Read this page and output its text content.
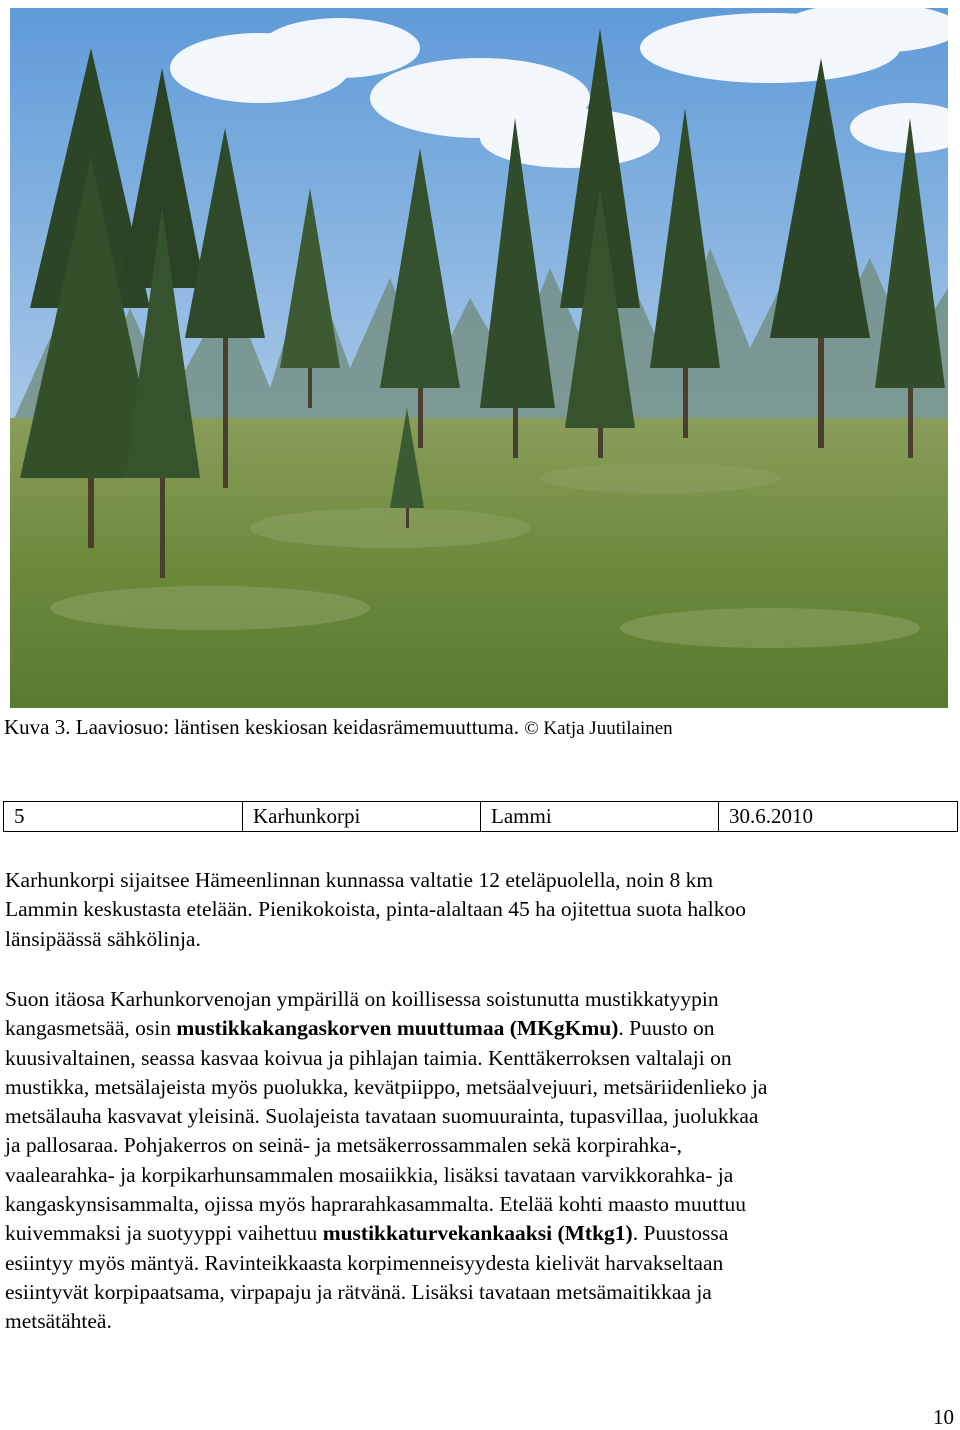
Kuva 3. Laaviosuo: läntisen keskiosan keidasrämemuuttuma. © Katja Juutilainen
5	Karhunkorpi	Lammi	30.6.2010

Karhunkorpi sijaitsee Hämeenlinnan kunnassa valtatie 12 eteläpuolella, noin 8 km
Lammin keskustasta etelään. Pienikokoista, pinta-alaltaan 45 ha ojitettua suota halkoo
länsipäässä sähkölinja.

Suon itäosa Karhunkorvenojan ympärillä on koillisessa soistunutta mustikkatyypin
kangasmetsää, osin mustikkakangaskorven muuttumaa (MKgKmu). Puusto on
kuusivaltainen, seassa kasvaa koivua ja pihlajan taimia. Kenttäkerroksen valtalaji on
mustikka, metsälajeista myös puolukka, kevätpiippo, metsäalvejuuri, metsäriidenlieko ja
metsälauha kasvavat yleisinä. Suolajeista tavataan suomuurainta, tupasvillaa, juolukkaa
ja pallosaraa. Pohjakerros on seinä- ja metsäkerrossammalen sekä korpirahka-,
vaalearahka- ja korpikarhunsammalen mosaiikkia, lisäksi tavataan varvikkorahka- ja
kangaskynsisammalta, ojissa myös haprarahkasammalta. Etelää kohti maasto muuttuu
kuivemmaksi ja suotyyppi vaihettuu mustikkaturvekankaaksi (Mtkg1). Puustossa
esiintyy myös mäntyä. Ravinteikkaasta korpimenneisyydesta kielivät harvakseltaan
esiintyvät korpipaatsama, virpapaju ja rätvänä. Lisäksi tavataan metsämaitikkaa ja
metsätähteä.

10
